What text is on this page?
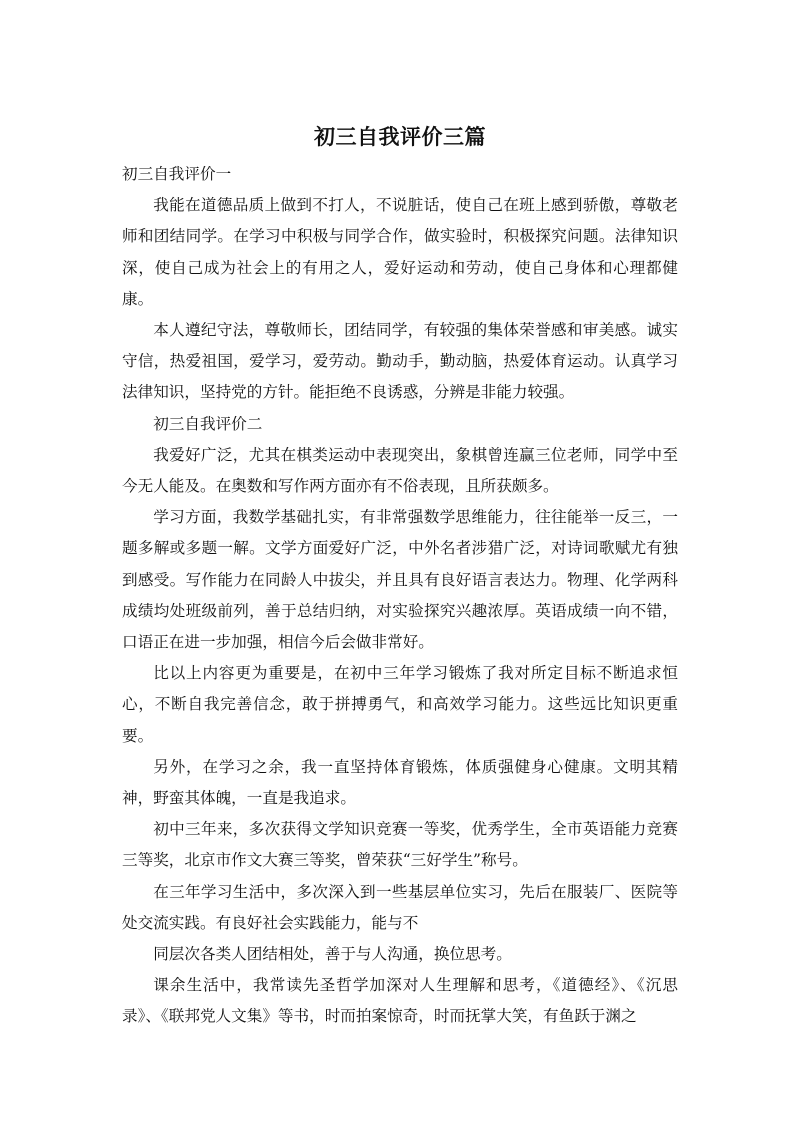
初三自我评价三篇

初三自我评价一

我能在道德品质上做到不打人，不说脏话，使自己在班上感到骄傲，尊敬老师和团结同学。在学习中积极与同学合作，做实验时，积极探究问题。法律知识深，使自己成为社会上的有用之人，爱好运动和劳动，使自己身体和心理都健康。

本人遵纪守法，尊敬师长，团结同学，有较强的集体荣誉感和审美感。诚实守信，热爱祖国，爱学习，爱劳动。勤动手，勤动脑，热爱体育运动。认真学习法律知识，坚持党的方针。能拒绝不良诱惑，分辨是非能力较强。

初三自我评价二

我爱好广泛，尤其在棋类运动中表现突出，象棋曾连赢三位老师，同学中至今无人能及。在奥数和写作两方面亦有不俗表现，且所获颇多。

学习方面，我数学基础扎实，有非常强数学思维能力，往往能举一反三，一题多解或多题一解。文学方面爱好广泛，中外名者涉猎广泛，对诗词歌赋尤有独到感受。写作能力在同龄人中拔尖，并且具有良好语言表达力。物理、化学两科成绩均处班级前列，善于总结归纳，对实验探究兴趣浓厚。英语成绩一向不错，口语正在进一步加强，相信今后会做非常好。

比以上内容更为重要是，在初中三年学习锻炼了我对所定目标不断追求恒心，不断自我完善信念，敢于拼搏勇气，和高效学习能力。这些远比知识更重要。

另外，在学习之余，我一直坚持体育锻炼，体质强健身心健康。文明其精神，野蛮其体魄，一直是我追求。

初中三年来，多次获得文学知识竞赛一等奖，优秀学生，全市英语能力竞赛三等奖，北京市作文大赛三等奖，曾荣获“三好学生”称号。

在三年学习生活中，多次深入到一些基层单位实习，先后在服装厂、医院等处交流实践。有良好社会实践能力，能与不

同层次各类人团结相处，善于与人沟通，换位思考。

课余生活中，我常读先圣哲学加深对人生理解和思考，《道德经》、《沉思录》、《联邦党人文集》等书，时而拍案惊奇，时而抚掌大笑，有鱼跃于渊之
